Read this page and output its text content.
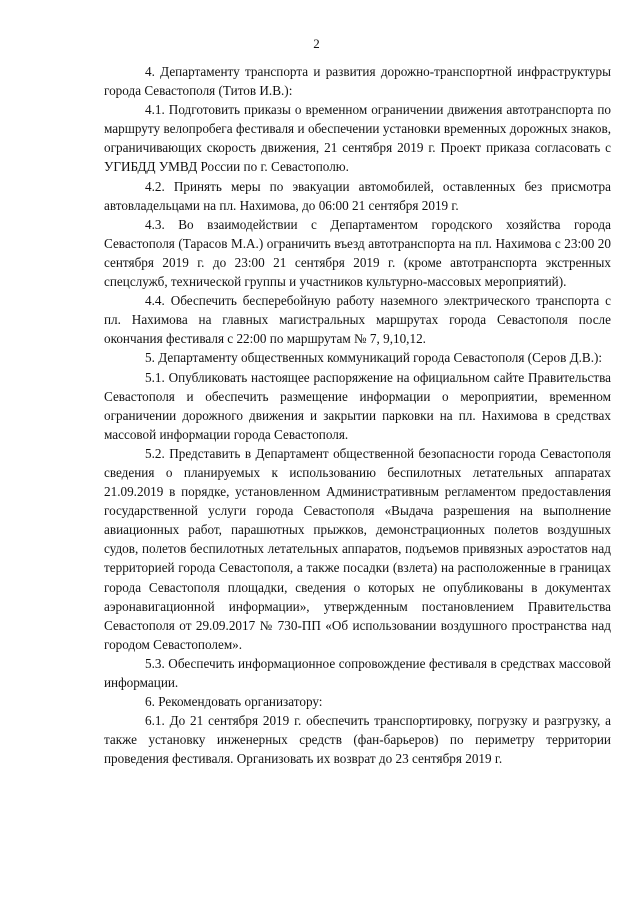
2

4. Департаменту транспорта и развития дорожно-транспортной инфраструктуры города Севастополя (Титов И.В.):

4.1. Подготовить приказы о временном ограничении движения автотранспорта по маршруту велопробега фестиваля и обеспечении установки временных дорожных знаков, ограничивающих скорость движения, 21 сентября 2019 г. Проект приказа согласовать с УГИБДД УМВД России по г. Севастополю.

4.2. Принять меры по эвакуации автомобилей, оставленных без присмотра автовладельцами на пл. Нахимова, до 06:00 21 сентября 2019 г.

4.3. Во взаимодействии с Департаментом городского хозяйства города Севастополя (Тарасов М.А.) ограничить въезд автотранспорта на пл. Нахимова с 23:00 20 сентября 2019 г. до 23:00 21 сентября 2019 г. (кроме автотранспорта экстренных спецслужб, технической группы и участников культурно-массовых мероприятий).

4.4. Обеспечить бесперебойную работу наземного электрического транспорта с пл. Нахимова на главных магистральных маршрутах города Севастополя после окончания фестиваля с 22:00 по маршрутам № 7, 9,10,12.

5. Департаменту общественных коммуникаций города Севастополя (Серов Д.В.):

5.1. Опубликовать настоящее распоряжение на официальном сайте Правительства Севастополя и обеспечить размещение информации о мероприятии, временном ограничении дорожного движения и закрытии парковки на пл. Нахимова в средствах массовой информации города Севастополя.

5.2. Представить в Департамент общественной безопасности города Севастополя сведения о планируемых к использованию беспилотных летательных аппаратах 21.09.2019 в порядке, установленном Административным регламентом предоставления государственной услуги города Севастополя «Выдача разрешения на выполнение авиационных работ, парашютных прыжков, демонстрационных полетов воздушных судов, полетов беспилотных летательных аппаратов, подъемов привязных аэростатов над территорией города Севастополя, а также посадки (взлета) на расположенные в границах города Севастополя площадки, сведения о которых не опубликованы в документах аэронавигационной информации», утвержденным постановлением Правительства Севастополя от 29.09.2017 № 730-ПП «Об использовании воздушного пространства над городом Севастополем».

5.3. Обеспечить информационное сопровождение фестиваля в средствах массовой информации.

6. Рекомендовать организатору:

6.1. До 21 сентября 2019 г. обеспечить транспортировку, погрузку и разгрузку, а также установку инженерных средств (фан-барьеров) по периметру территории проведения фестиваля. Организовать их возврат до 23 сентября 2019 г.
